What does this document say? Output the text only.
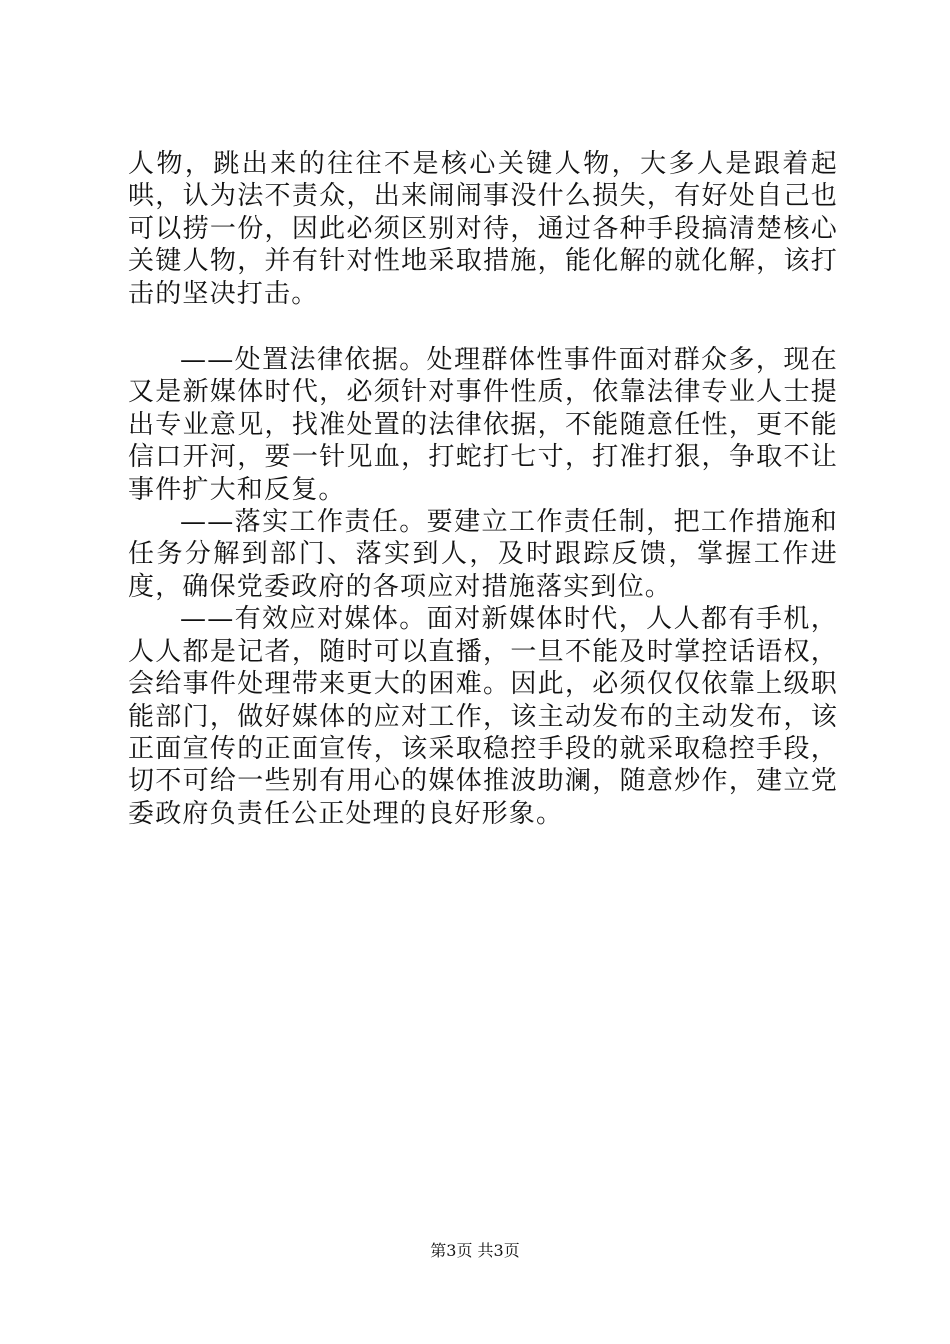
人物，跳出来的往往不是核心关键人物，大多人是跟着起哄，认为法不责众，出来闹闹事没什么损失，有好处自己也可以捞一份，因此必须区别对待，通过各种手段搞清楚核心关键人物，并有针对性地采取措施，能化解的就化解，该打击的坚决打击。

——处置法律依据。处理群体性事件面对群众多，现在又是新媒体时代，必须针对事件性质，依靠法律专业人士提出专业意见，找准处置的法律依据，不能随意任性，更不能信口开河，要一针见血，打蛇打七寸，打准打狠，争取不让事件扩大和反复。

——落实工作责任。要建立工作责任制，把工作措施和任务分解到部门、落实到人，及时跟踪反馈，掌握工作进度，确保党委政府的各项应对措施落实到位。

——有效应对媒体。面对新媒体时代，人人都有手机，人人都是记者，随时可以直播，一旦不能及时掌控话语权，会给事件处理带来更大的困难。因此，必须仅仅依靠上级职能部门，做好媒体的应对工作，该主动发布的主动发布，该正面宣传的正面宣传，该采取稳控手段的就采取稳控手段，切不可给一些别有用心的媒体推波助澜，随意炒作，建立党委政府负责任公正处理的良好形象。

第3页 共3页
